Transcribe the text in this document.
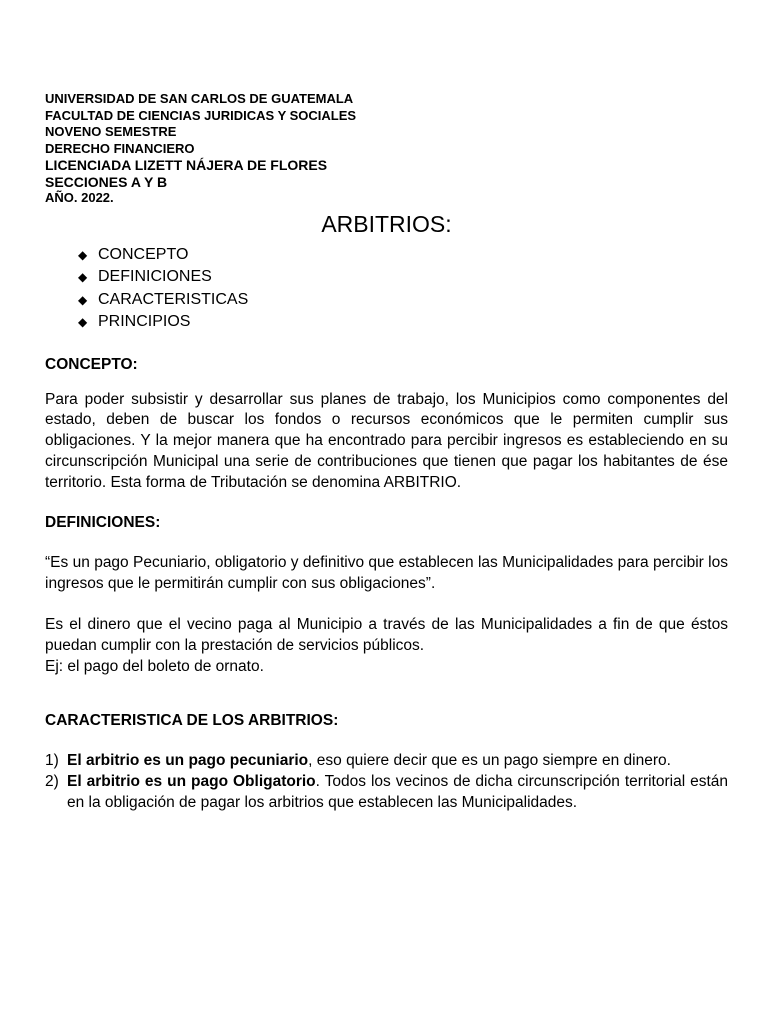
UNIVERSIDAD DE SAN CARLOS DE GUATEMALA
FACULTAD DE CIENCIAS JURIDICAS Y SOCIALES
NOVENO SEMESTRE
DERECHO FINANCIERO
LICENCIADA LIZETT NÁJERA DE FLORES
SECCIONES A Y B
AÑO. 2022.
ARBITRIOS:
◆ CONCEPTO
◆ DEFINICIONES
◆ CARACTERISTICAS
◆ PRINCIPIOS
CONCEPTO:
Para poder subsistir y desarrollar sus planes de trabajo, los Municipios como componentes del estado, deben de buscar los fondos o recursos económicos que le permiten cumplir sus obligaciones. Y la mejor manera que ha encontrado para percibir ingresos es estableciendo en su circunscripción Municipal una serie de contribuciones que tienen que pagar los habitantes de ése territorio. Esta forma de Tributación se denomina ARBITRIO.
DEFINICIONES:
“Es un pago Pecuniario, obligatorio y definitivo que establecen las Municipalidades para percibir los ingresos que le permitirán cumplir con sus obligaciones”.
Es el dinero que el vecino paga al Municipio a través de las Municipalidades a fin de que éstos puedan cumplir con la prestación de servicios públicos.
Ej: el pago del boleto de ornato.
CARACTERISTICA DE LOS ARBITRIOS:
1) El arbitrio es un pago pecuniario, eso quiere decir que es un pago siempre en dinero.
2) El arbitrio es un pago Obligatorio. Todos los vecinos de dicha circunscripción territorial están en la obligación de pagar los arbitrios que establecen las Municipalidades.
